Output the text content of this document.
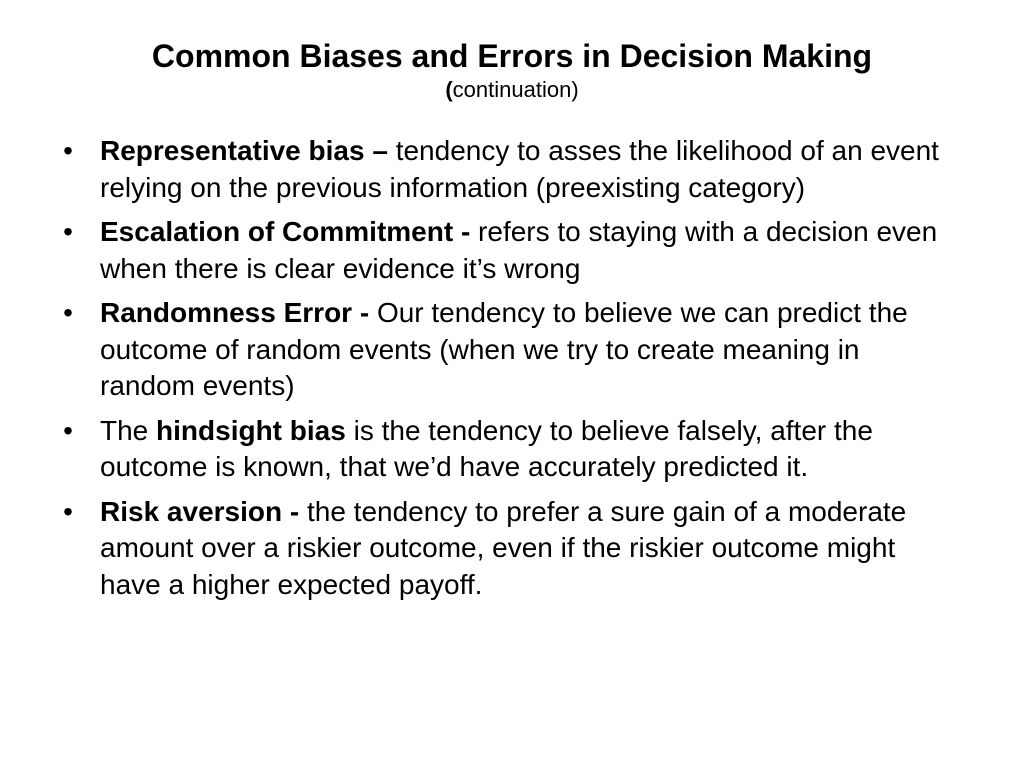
Common Biases and Errors in Decision Making
(continuation)
• Representative bias – tendency to asses the likelihood of an event relying on the previous information (preexisting category)
• Escalation of Commitment - refers to staying with a decision even when there is clear evidence it’s wrong
• Randomness Error - Our tendency to believe we can predict the outcome of random events (when we try to create meaning in random events)
• The hindsight bias is the tendency to believe falsely, after the outcome is known, that we’d have accurately predicted it.
• Risk aversion - the tendency to prefer a sure gain of a moderate amount over a riskier outcome, even if the riskier outcome might have a higher expected payoff.
